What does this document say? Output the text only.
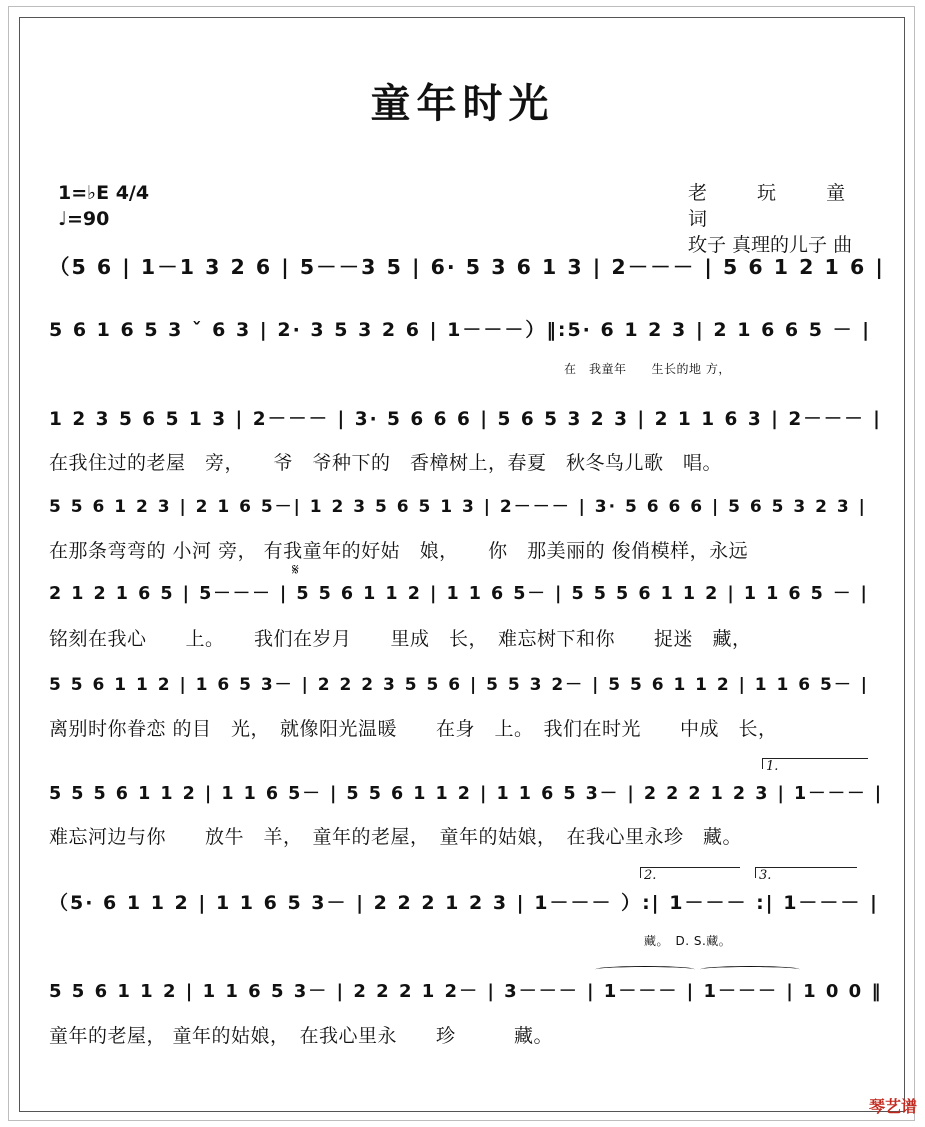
童年时光
1=♭E 4/4
♩=90
老 玩 童 词
玫子 真理的儿子 曲
（5 6 | 1－1 3 2 6 | 5－－3 5 | 6· 5 3 6 1 3 | 2－－－ | 5 6 1 2 1 6 |
5 6 1 6 5 3 ˇ 6 3 | 2· 3 5 3 2 6 | 1－－－）‖:5· 6 1 2 3 | 2 1 6 6 5 － |
在　我童年　　生长的地 方，
1 2 3 5 6 5 1 3 | 2－－－ | 3· 5 6 6 6 | 5 6 5 3 2 3 | 2 1 1 6 3 | 2－－－ |
在我住过的老屋　旁，　　爷　爷种下的　香樟树上，春夏　秋冬鸟儿歌　唱。
5 5 6 1 2 3 | 2 1 6 5－| 1 2 3 5 6 5 1 3 | 2－－－ | 3· 5 6 6 6 | 5 6 5 3 2 3 |
在那条弯弯的 小河 旁， 有我童年的好姑　娘，　　你　那美丽的 俊俏模样，永远
2 1 2 1 6 5 | 5－－－ | 5 5 6 1 1 2 | 1 1 6 5－ | 5 5 5 6 1 1 2 | 1 1 6 5 － |
𝄋
铭刻在我心　　上。　　我们在岁月　　里成　长，　难忘树下和你　　捉迷　藏，
5 5 6 1 1 2 | 1 6 5 3－ | 2 2 2 3 5 5 6 | 5 5 3 2－ | 5 5 6 1 1 2 | 1 1 6 5－ |
离别时你眷恋 的目　光，　就像阳光温暖　　在身　上。　我们在时光　　中成　长，
5 5 5 6 1 1 2 | 1 1 6 5－ | 5 5 6 1 1 2 | 1 1 6 5 3－ | 2 2 2 1 2 3 | 1－－－ |
1.
难忘河边与你　　放牛　羊，　童年的老屋，　童年的姑娘，　在我心里永珍　藏。
（5· 6 1 1 2 | 1 1 6 5 3－ | 2 2 2 1 2 3 | 1－－－ ）:| 1－－－ :| 1－－－ |
2.	3.
藏。　D. S.藏。
5 5 6 1 1 2 | 1 1 6 5 3－ | 2 2 2 1 2－ | 3－－－ | 1－－－ | 1－－－ | 1 0 0 ‖
童年的老屋， 童年的姑娘，　在我心里永　　珍　　　藏。
琴艺谱
